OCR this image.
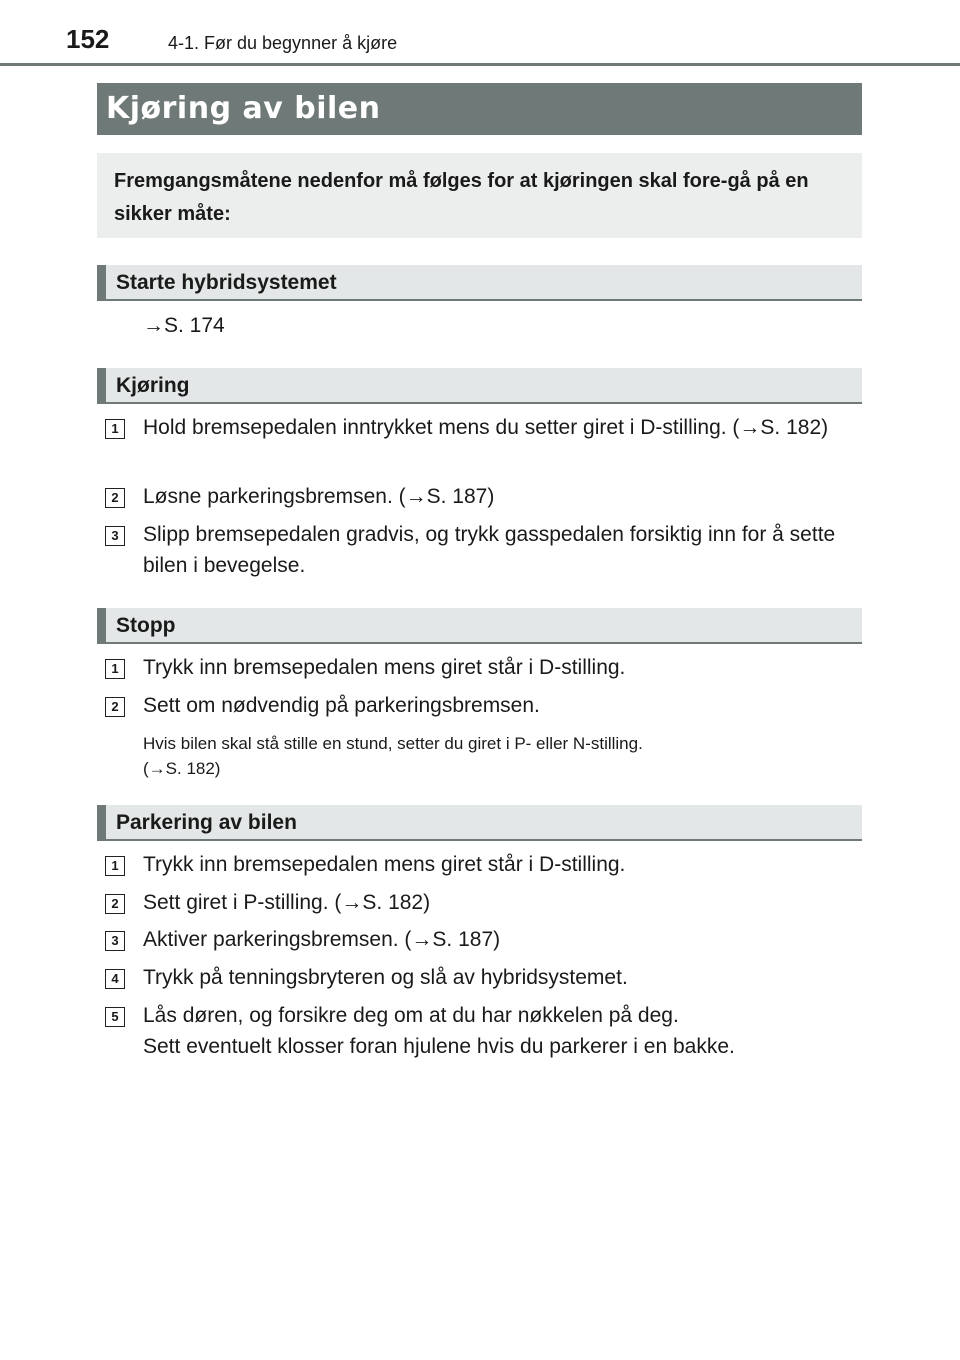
152	4-1. Før du begynner å kjøre
Kjøring av bilen
Fremgangsmåtene nedenfor må følges for at kjøringen skal fore-gå på en sikker måte:
Starte hybridsystemet
→S. 174
Kjøring
1	Hold bremsepedalen inntrykket mens du setter giret i D-stilling. (→S. 182)
2	Løsne parkeringsbremsen. (→S. 187)
3	Slipp bremsepedalen gradvis, og trykk gasspedalen forsiktig inn for å sette bilen i bevegelse.
Stopp
1	Trykk inn bremsepedalen mens giret står i D-stilling.
2	Sett om nødvendig på parkeringsbremsen.
Hvis bilen skal stå stille en stund, setter du giret i P- eller N-stilling.
(→S. 182)
Parkering av bilen
1	Trykk inn bremsepedalen mens giret står i D-stilling.
2	Sett giret i P-stilling. (→S. 182)
3	Aktiver parkeringsbremsen. (→S. 187)
4	Trykk på tenningsbryteren og slå av hybridsystemet.
5	Lås døren, og forsikre deg om at du har nøkkelen på deg.
Sett eventuelt klosser foran hjulene hvis du parkerer i en bakke.
